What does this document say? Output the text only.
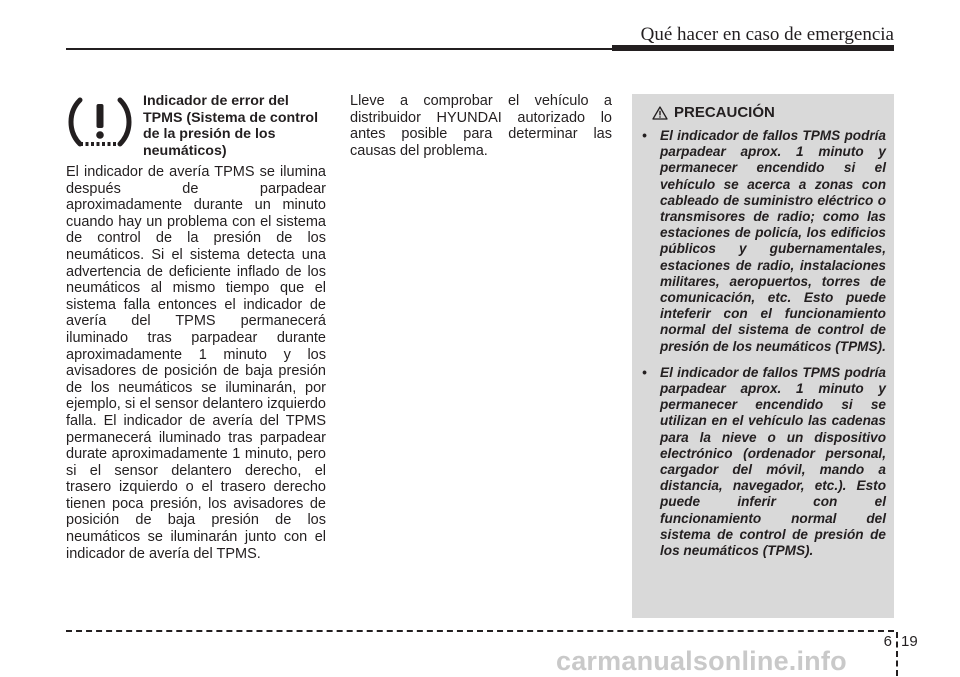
Qué hacer en caso de emergencia
Indicador de error del TPMS (Sistema de control de la presión de los neumáticos)
El indicador de avería TPMS se ilumina después de parpadear aproximadamente durante un minuto cuando hay un problema con el sistema de control de la presión de los neumáticos. Si el sistema detecta una advertencia de deficiente inflado de los neumáticos al mismo tiempo que el sistema falla entonces el indicador de avería del TPMS permanecerá iluminado tras parpadear durante aproximadamente 1 minuto y los avisadores de posición de baja presión de los neumáticos se iluminarán, por ejemplo, si el sensor delantero izquierdo falla. El indicador de avería del TPMS permanecerá iluminado tras parpadear durate aproximadamente 1 minuto, pero si el sensor delantero derecho, el trasero izquierdo o el trasero derecho tienen poca presión, los avisadores de posición de baja presión de los neumáticos se iluminarán junto con el indicador de avería del TPMS.
Lleve a comprobar el vehículo a distribuidor HYUNDAI autorizado lo antes posible para determinar las causas del problema.
PRECAUCIÓN
• El indicador de fallos TPMS podría parpadear aprox. 1 minuto y permanecer encendido si el vehículo se acerca a zonas con cableado de suministro eléctrico o transmisores de radio; como las estaciones de policía, los edificios públicos y gubernamentales, estaciones de radio, instalaciones militares, aeropuertos, torres de comunicación, etc. Esto puede inteferir con el funcionamiento normal del sistema de control de presión de los neumáticos (TPMS).
• El indicador de fallos TPMS podría parpadear aprox. 1 minuto y permanecer encendido si se utilizan en el vehículo las cadenas para la nieve o un dispositivo electrónico (ordenador personal, cargador del móvil, mando a distancia, navegador, etc.). Esto puede inferir con el funcionamiento normal del sistema de control de presión de los neumáticos (TPMS).
6 19
carmanualsonline.info
